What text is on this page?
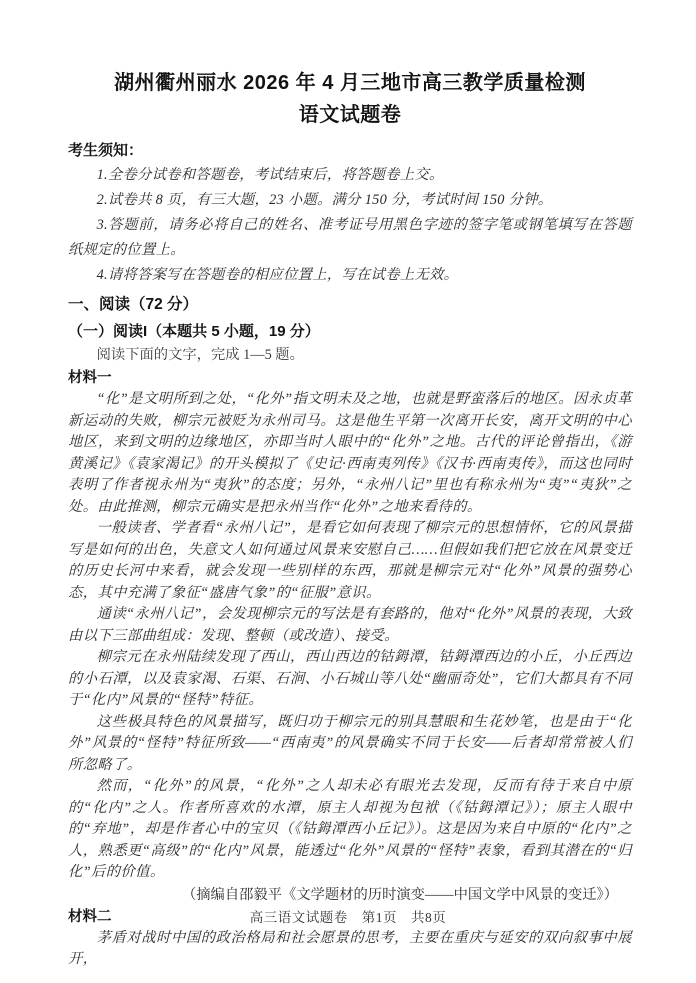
湖州衢州丽水 2026 年 4 月三地市高三教学质量检测
语文试题卷
考生须知：

1.全卷分试卷和答题卷，考试结束后，将答题卷上交。

2.试卷共 8 页，有三大题，23 小题。满分 150 分，考试时间 150 分钟。

3.答题前，请务必将自己的姓名、准考证号用黑色字迹的签字笔或钢笔填写在答题纸规定的位置上。

4.请将答案写在答题卷的相应位置上，写在试卷上无效。

一、阅读（72 分）
（一）阅读I（本题共 5 小题，19 分）

阅读下面的文字，完成 1—5 题。

材料一

“化”是文明所到之处，“化外”指文明未及之地，也就是野蛮落后的地区。因永贞革新运动的失败，柳宗元被贬为永州司马。这是他生平第一次离开长安，离开文明的中心地区，来到文明的边缘地区，亦即当时人眼中的“化外”之地。古代的评论曾指出，《游黄溪记》《袁家渴记》的开头模拟了《史记·西南夷列传》《汉书·西南夷传》，而这也同时表明了作者视永州为“夷狄”的态度；另外，“永州八记”里也有称永州为“夷”“夷狄”之处。由此推测，柳宗元确实是把永州当作“化外”之地来看待的。

一般读者、学者看“永州八记”，是看它如何表现了柳宗元的思想情怀，它的风景描写是如何的出色，失意文人如何通过风景来安慰自己……但假如我们把它放在风景变迁的历史长河中来看，就会发现一些别样的东西，那就是柳宗元对“化外”风景的强势心态，其中充满了象征“盛唐气象”的“征服”意识。

通读“永州八记”，会发现柳宗元的写法是有套路的，他对“化外”风景的表现，大致由以下三部曲组成：发现、整顿（或改造）、接受。

柳宗元在永州陆续发现了西山，西山西边的钴鉧潭，钴鉧潭西边的小丘，小丘西边的小石潭，以及袁家渴、石渠、石涧、小石城山等八处“幽丽奇处”，它们大都具有不同于“化内”风景的“怪特”特征。

这些极具特色的风景描写，既归功于柳宗元的别具慧眼和生花妙笔，也是由于“化外”风景的“怪特”特征所致——“西南夷”的风景确实不同于长安——后者却常常被人们所忽略了。

然而，“化外”的风景，“化外”之人却未必有眼光去发现，反而有待于来自中原的“化内”之人。作者所喜欢的水潭，原主人却视为包袱（《钴鉧潭记》）；原主人眼中的“弃地”，却是作者心中的宝贝（《钴鉧潭西小丘记》）。这是因为来自中原的“化内”之人，熟悉更“高级”的“化内”风景，能透过“化外”风景的“怪特”表象，看到其潜在的“归化”后的价值。

（摘编自邵毅平《文学题材的历时演变——中国文学中风景的变迁》）

材料二

茅盾对战时中国的政治格局和社会愿景的思考，主要在重庆与延安的双向叙事中展开，

高三语文试题卷　第1页　共8页
